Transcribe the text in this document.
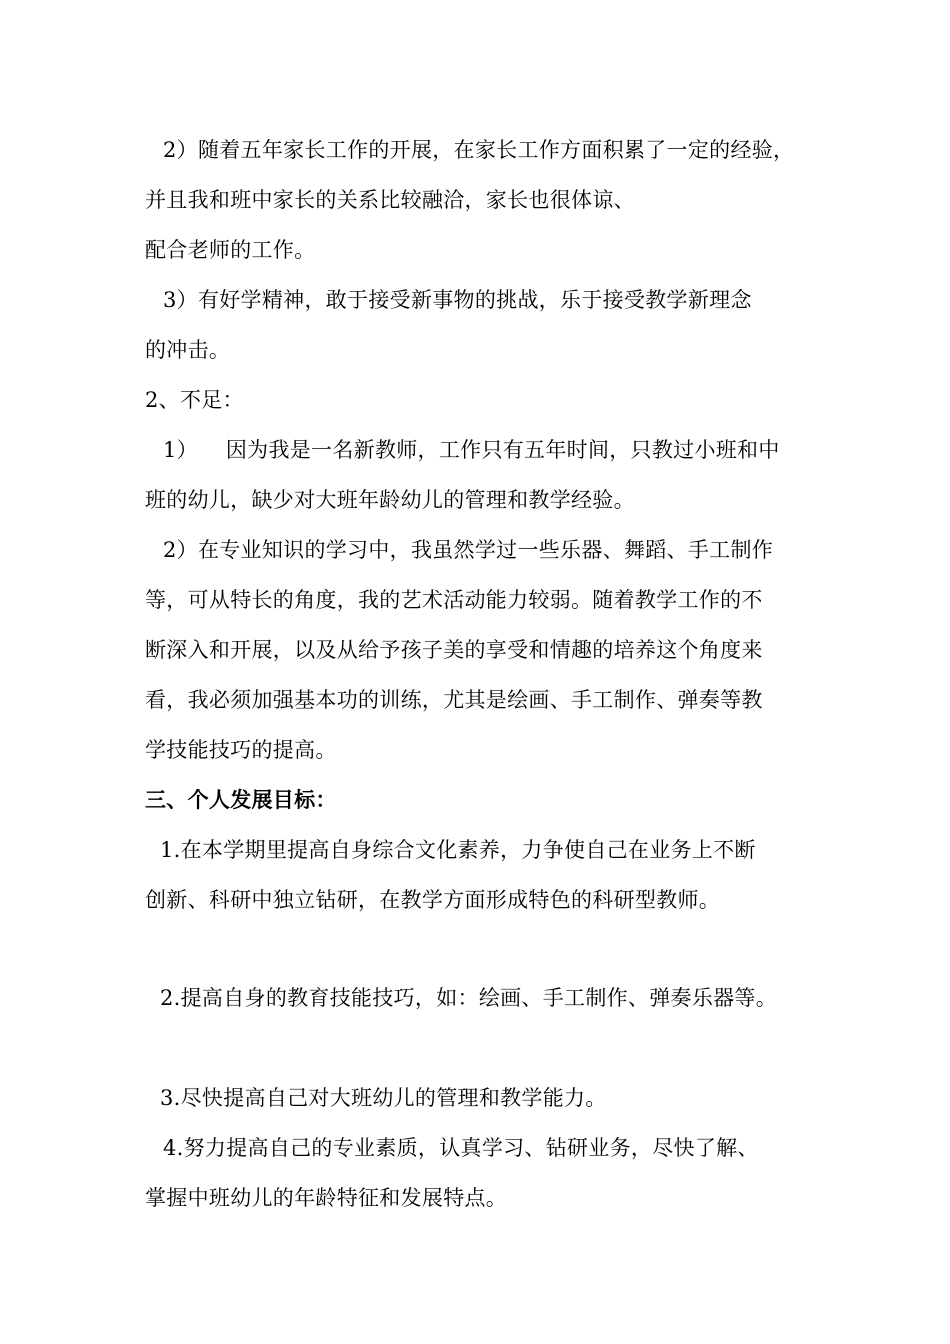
2）随着五年家长工作的开展，在家长工作方面积累了一定的经验，
并且我和班中家长的关系比较融洽，家长也很体谅、
配合老师的工作。
3）有好学精神，敢于接受新事物的挑战，乐于接受教学新理念
的冲击。
2、不足：
1）    因为我是一名新教师，工作只有五年时间，只教过小班和中
班的幼儿，缺少对大班年龄幼儿的管理和教学经验。
2）在专业知识的学习中，我虽然学过一些乐器、舞蹈、手工制作
等，可从特长的角度，我的艺术活动能力较弱。随着教学工作的不
断深入和开展，以及从给予孩子美的享受和情趣的培养这个角度来
看，我必须加强基本功的训练，尤其是绘画、手工制作、弹奏等教
学技能技巧的提高。
三、个人发展目标：
1.在本学期里提高自身综合文化素养，力争使自己在业务上不断
创新、科研中独立钻研，在教学方面形成特色的科研型教师。
2.提高自身的教育技能技巧，如：绘画、手工制作、弹奏乐器等。
3.尽快提高自己对大班幼儿的管理和教学能力。
4.努力提高自己的专业素质，认真学习、钻研业务，尽快了解、
掌握中班幼儿的年龄特征和发展特点。
